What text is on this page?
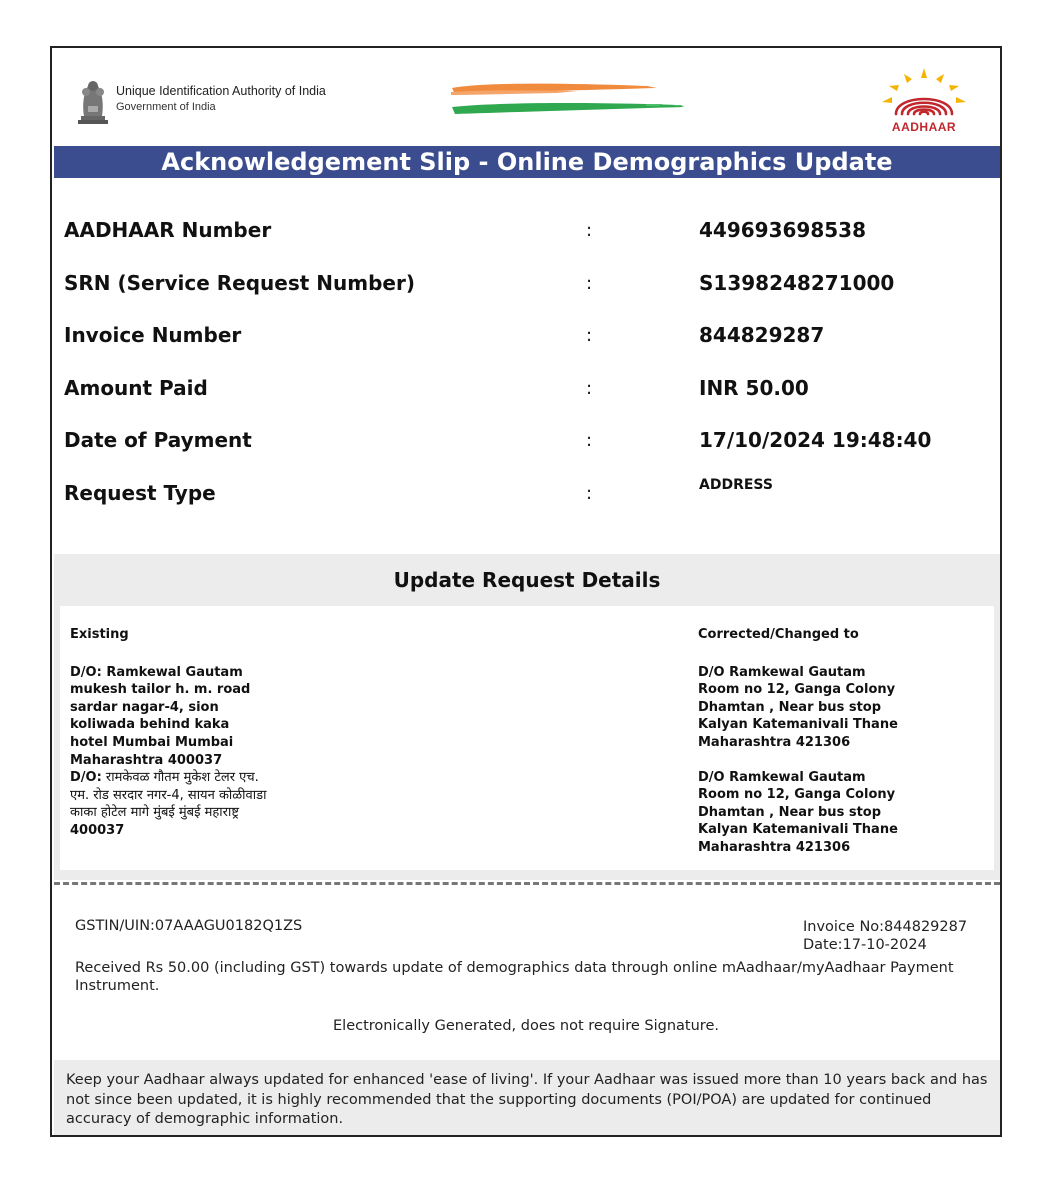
Unique Identification Authority of India
Government of India
AADHAAR
Acknowledgement Slip - Online Demographics Update
AADHAAR Number	:	449693698538
SRN (Service Request Number)	:	S1398248271000
Invoice Number	:	844829287
Amount Paid	:	INR 50.00
Date of Payment	:	17/10/2024 19:48:40
Request Type	:	ADDRESS
Update Request Details
Existing
D/O: Ramkewal Gautam
mukesh tailor h. m. road
sardar nagar-4, sion
koliwada behind kaka
hotel Mumbai Mumbai
Maharashtra 400037
D/O: रामकेवळ गौतम मुकेश टेलर एच.
एम. रोड सरदार नगर-4, सायन कोळीवाडा
काका होटेल मागे मुंबई मुंबई महाराष्ट्र
400037
Corrected/Changed to
D/O Ramkewal Gautam
Room no 12, Ganga Colony
Dhamtan , Near bus stop
Kalyan Katemanivali Thane
Maharashtra 421306
D/O Ramkewal Gautam
Room no 12, Ganga Colony
Dhamtan , Near bus stop
Kalyan Katemanivali Thane
Maharashtra 421306
GSTIN/UIN:07AAAGU0182Q1ZS	Invoice No:844829287
Date:17-10-2024
Received Rs 50.00 (including GST) towards update of demographics data through online mAadhaar/myAadhaar Payment Instrument.
Electronically Generated, does not require Signature.

Keep your Aadhaar always updated for enhanced 'ease of living'. If your Aadhaar was issued more than 10 years back and has not since been updated, it is highly recommended that the supporting documents (POI/POA) are updated for continued accuracy of demographic information.
